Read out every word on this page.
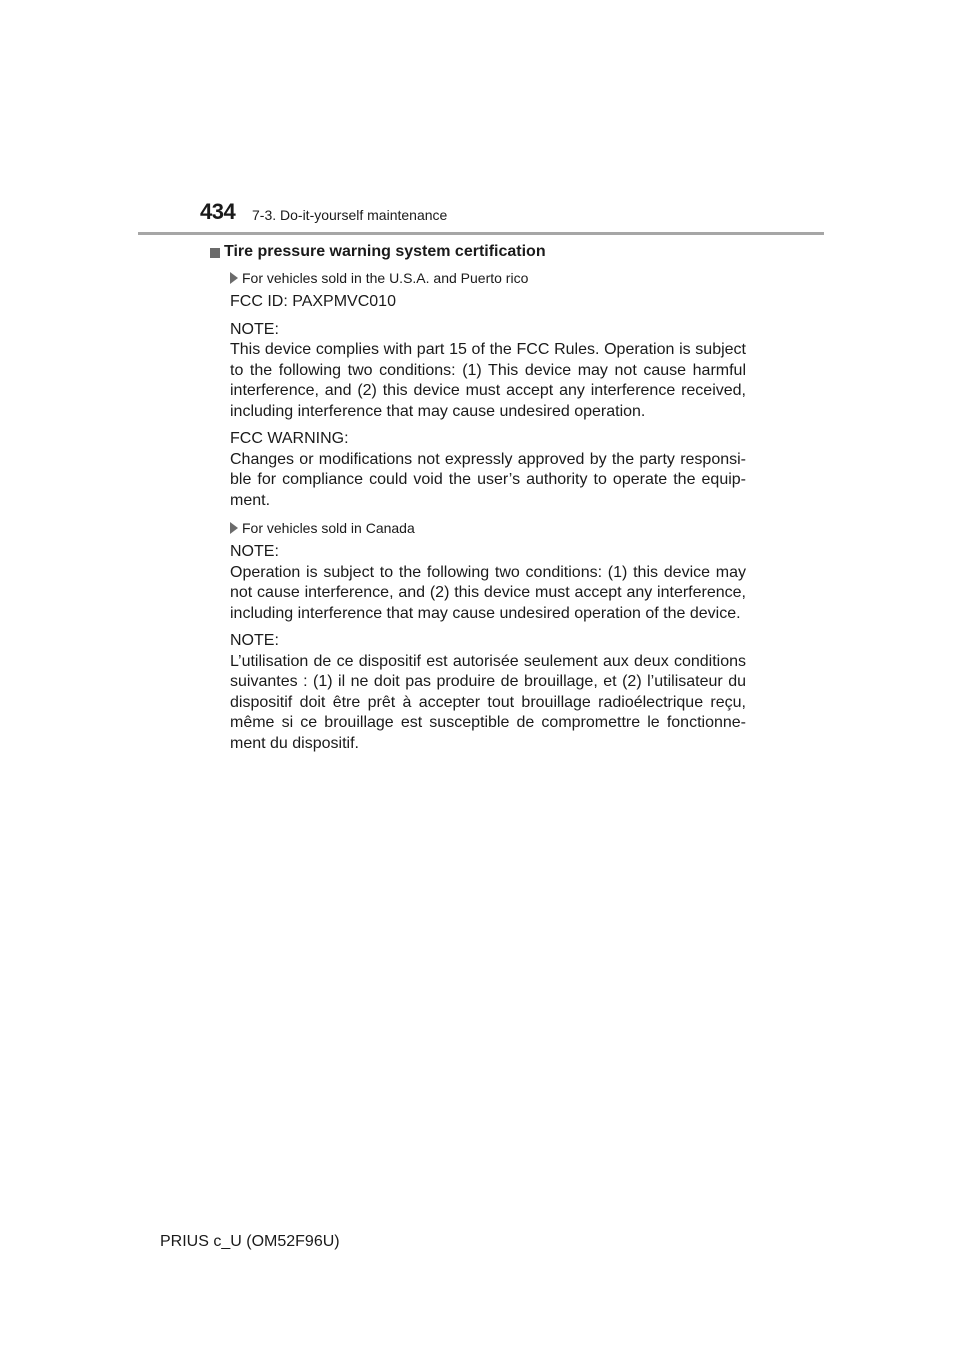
434 7-3. Do-it-yourself maintenance
Tire pressure warning system certification
For vehicles sold in the U.S.A. and Puerto rico

FCC ID: PAXPMVC010

NOTE:
This device complies with part 15 of the FCC Rules. Operation is subject to the following two conditions: (1) This device may not cause harmful interference, and (2) this device must accept any interference received, including interference that may cause undesired operation.

FCC WARNING:
Changes or modifications not expressly approved by the party responsi-ble for compliance could void the user’s authority to operate the equip-ment.

For vehicles sold in Canada

NOTE:
Operation is subject to the following two conditions: (1) this device may not cause interference, and (2) this device must accept any interference, including interference that may cause undesired operation of the device.

NOTE:
L’utilisation de ce dispositif est autorisée seulement aux deux conditions suivantes : (1) il ne doit pas produire de brouillage, et (2) l’utilisateur du dispositif doit être prêt à accepter tout brouillage radioélectrique reçu, même si ce brouillage est susceptible de compromettre le fonctionne-ment du dispositif.

PRIUS c_U (OM52F96U)
